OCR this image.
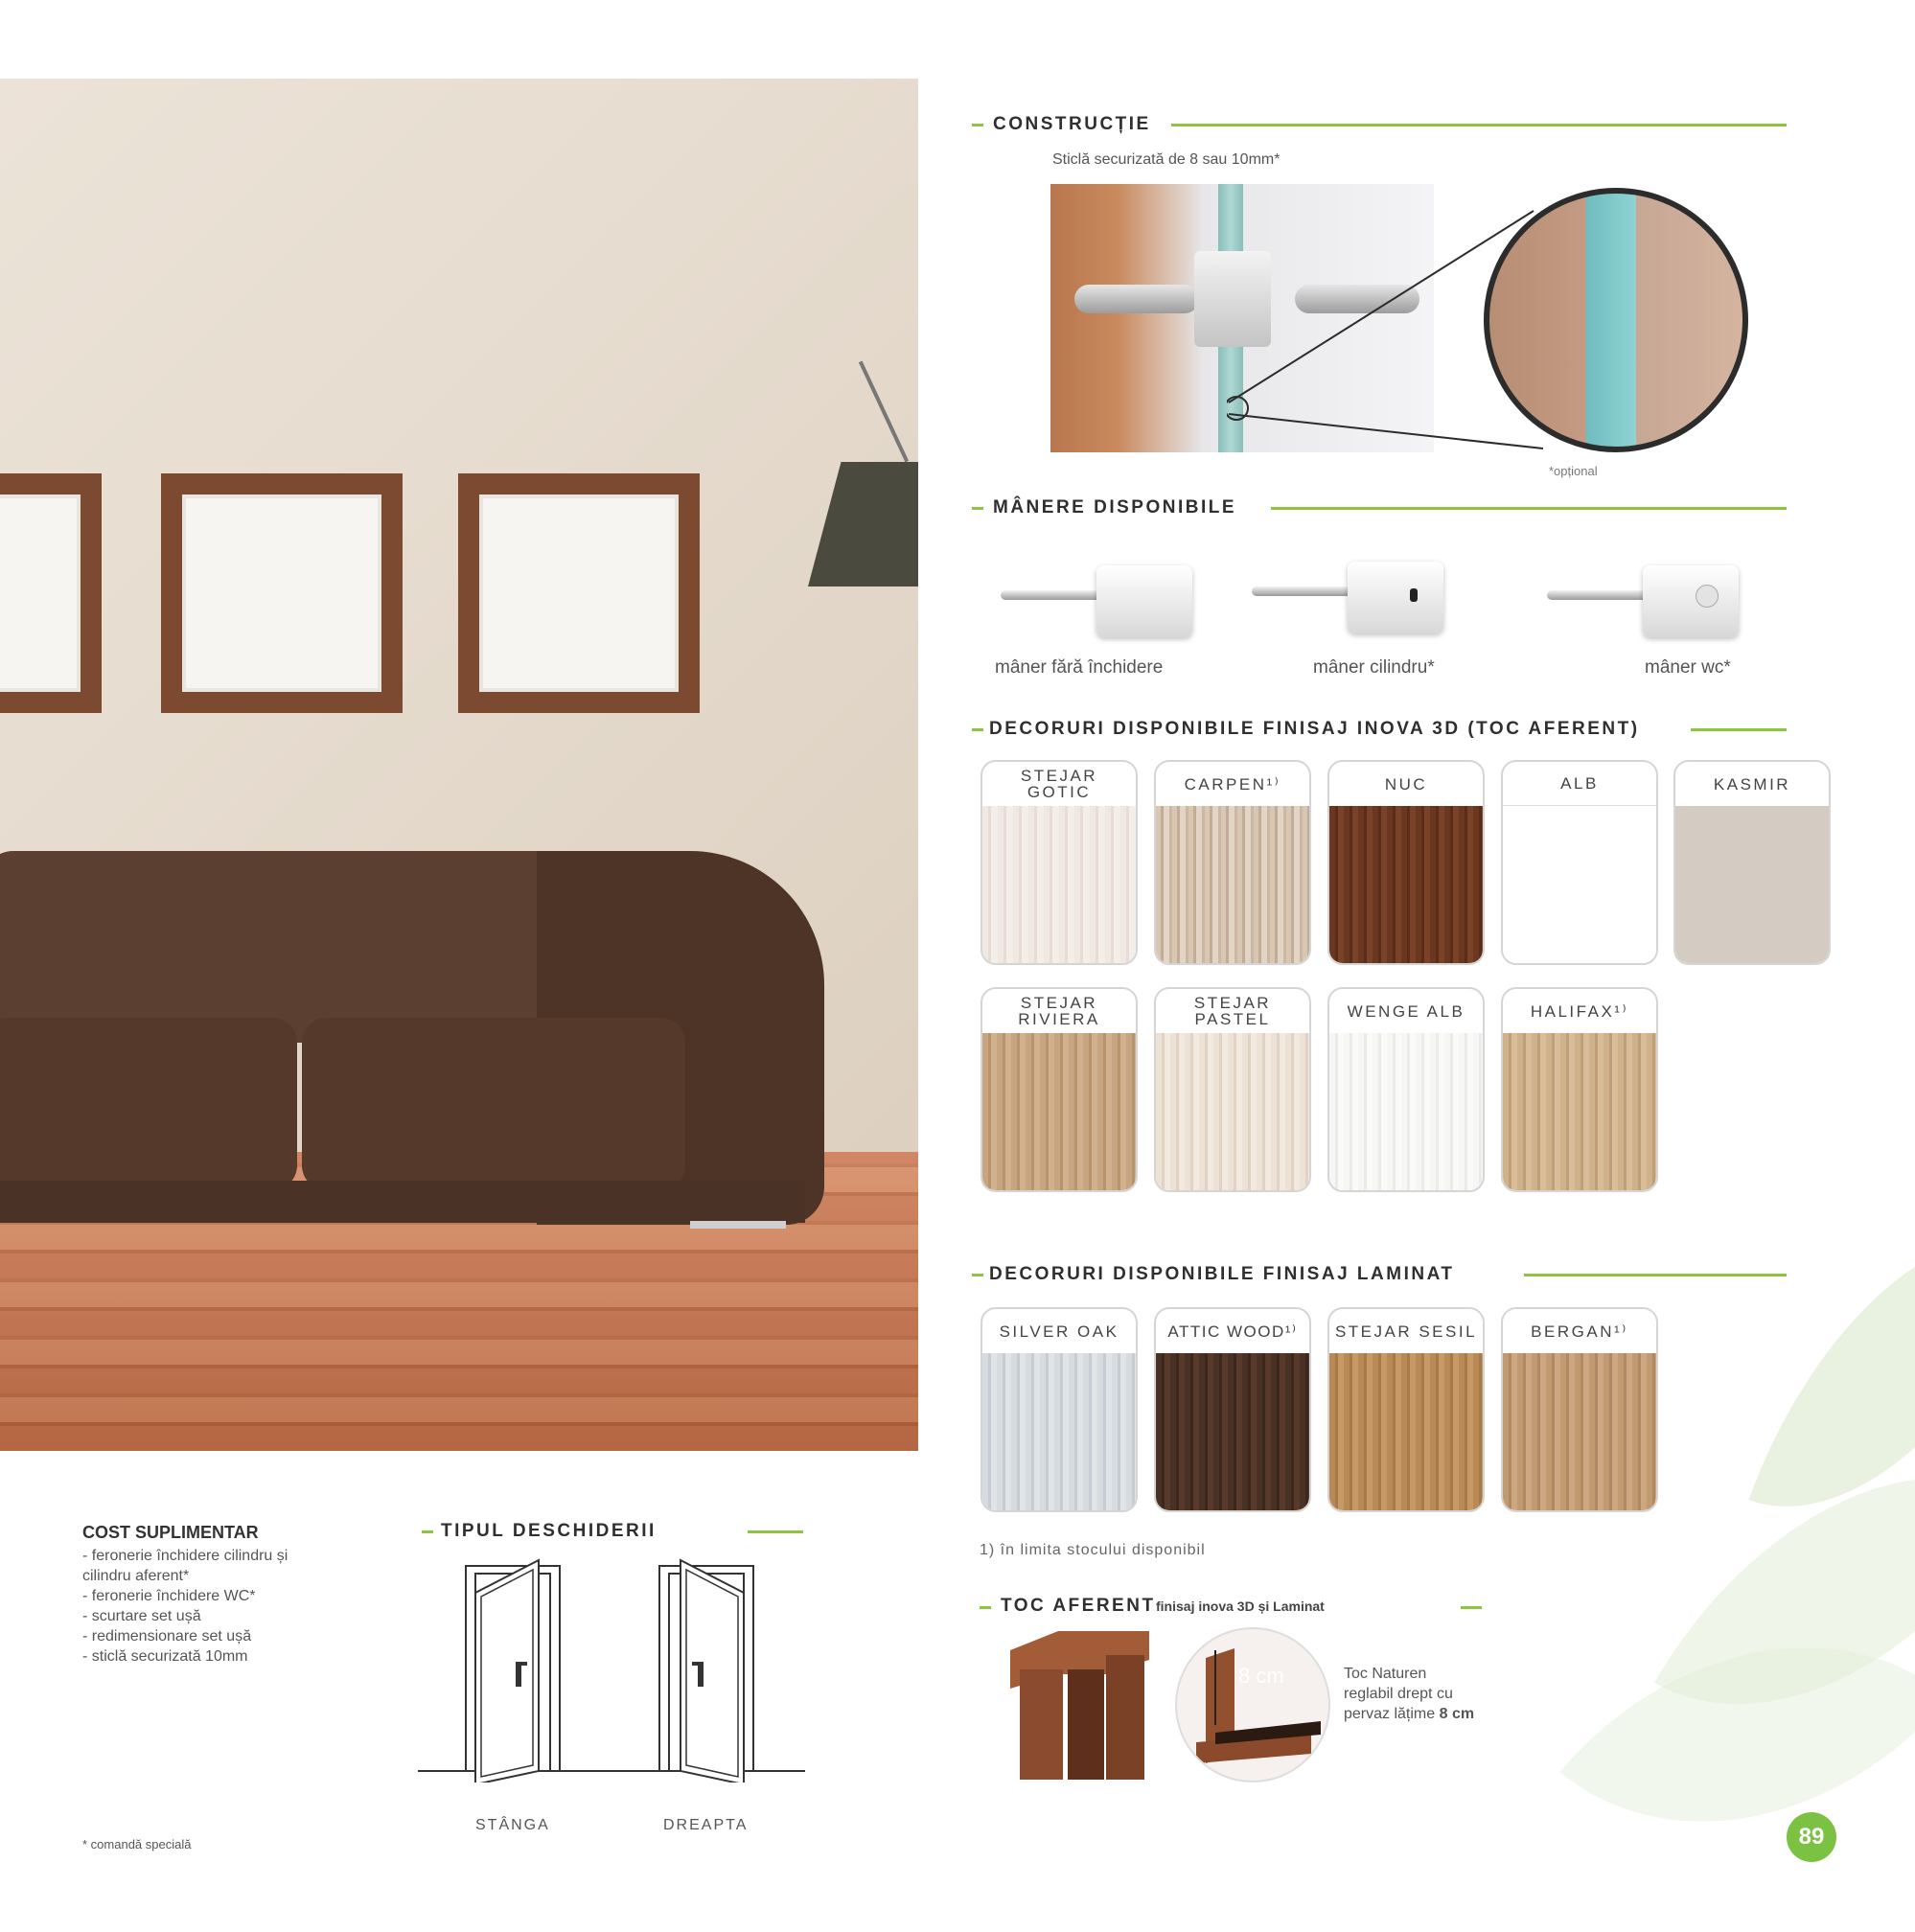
CONSTRUCȚIE
Sticlă securizată de 8 sau 10mm*
*opțional
MÂNERE DISPONIBILE
mâner fără închidere	mâner cilindru*	mâner wc*
DECORURI DISPONIBILE FINISAJ INOVA 3D (TOC AFERENT)
STEJAR GOTIC	CARPEN¹⁾	NUC	ALB	KASMIR
STEJAR RIVIERA
STEJAR PASTEL	WENGE ALB	HALIFAX¹⁾
DECORURI DISPONIBILE FINISAJ LAMINAT
SILVER OAK	ATTIC WOOD¹⁾	STEJAR SESIL	BERGAN¹⁾
1) în limita stocului disponibil
TOC AFERENT finisaj inova 3D și Laminat
8 cm	Toc Naturen
reglabil drept cu
pervaz lățime 8 cm
COST SUPLIMENTAR
- feronerie închidere cilindru și
cilindru aferent*
- feronerie închidere WC*
- scurtare set ușă
- redimensionare set ușă
- sticlă securizată 10mm
* comandă specială
TIPUL DESCHIDERII
STÂNGA	DREAPTA	89
